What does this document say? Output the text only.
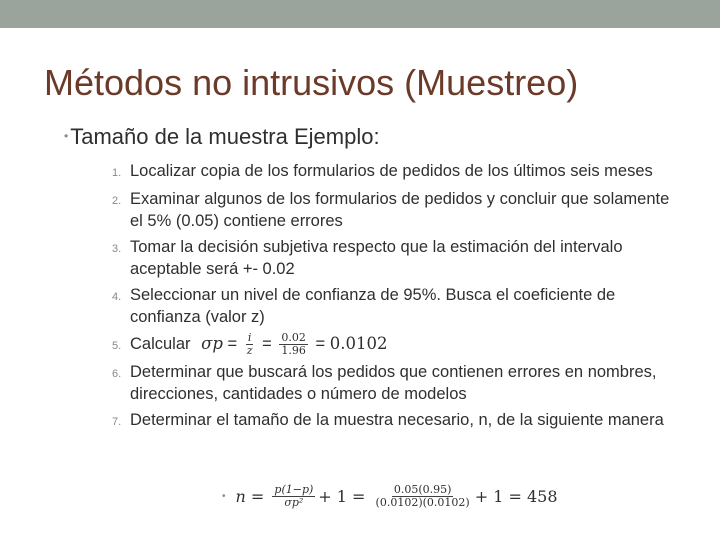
Métodos no intrusivos (Muestreo)
•Tamaño de la muestra Ejemplo:
1. Localizar copia de los formularios de pedidos de los últimos seis meses
2. Examinar algunos de los formularios de pedidos y concluir que solamente el 5% (0.05) contiene errores
3. Tomar la decisión subjetiva respecto que la estimación del intervalo aceptable será +- 0.02
4. Seleccionar un nivel de confianza de 95%. Busca el coeficiente de confianza (valor z)
5. Calcular $\sigma p = \frac{i}{z} = \frac{0.02}{1.96} = 0.0102$
6. Determinar que buscará los pedidos que contienen errores en nombres, direcciones, cantidades o número de modelos
7. Determinar el tamaño de la muestra necesario, n, de la siguiente manera
• $n = \frac{p(1-p)}{\text{σp²}} + 1 = \frac{0.05(0.95)}{(0.0102)(0.0102)} + 1 = 458$
